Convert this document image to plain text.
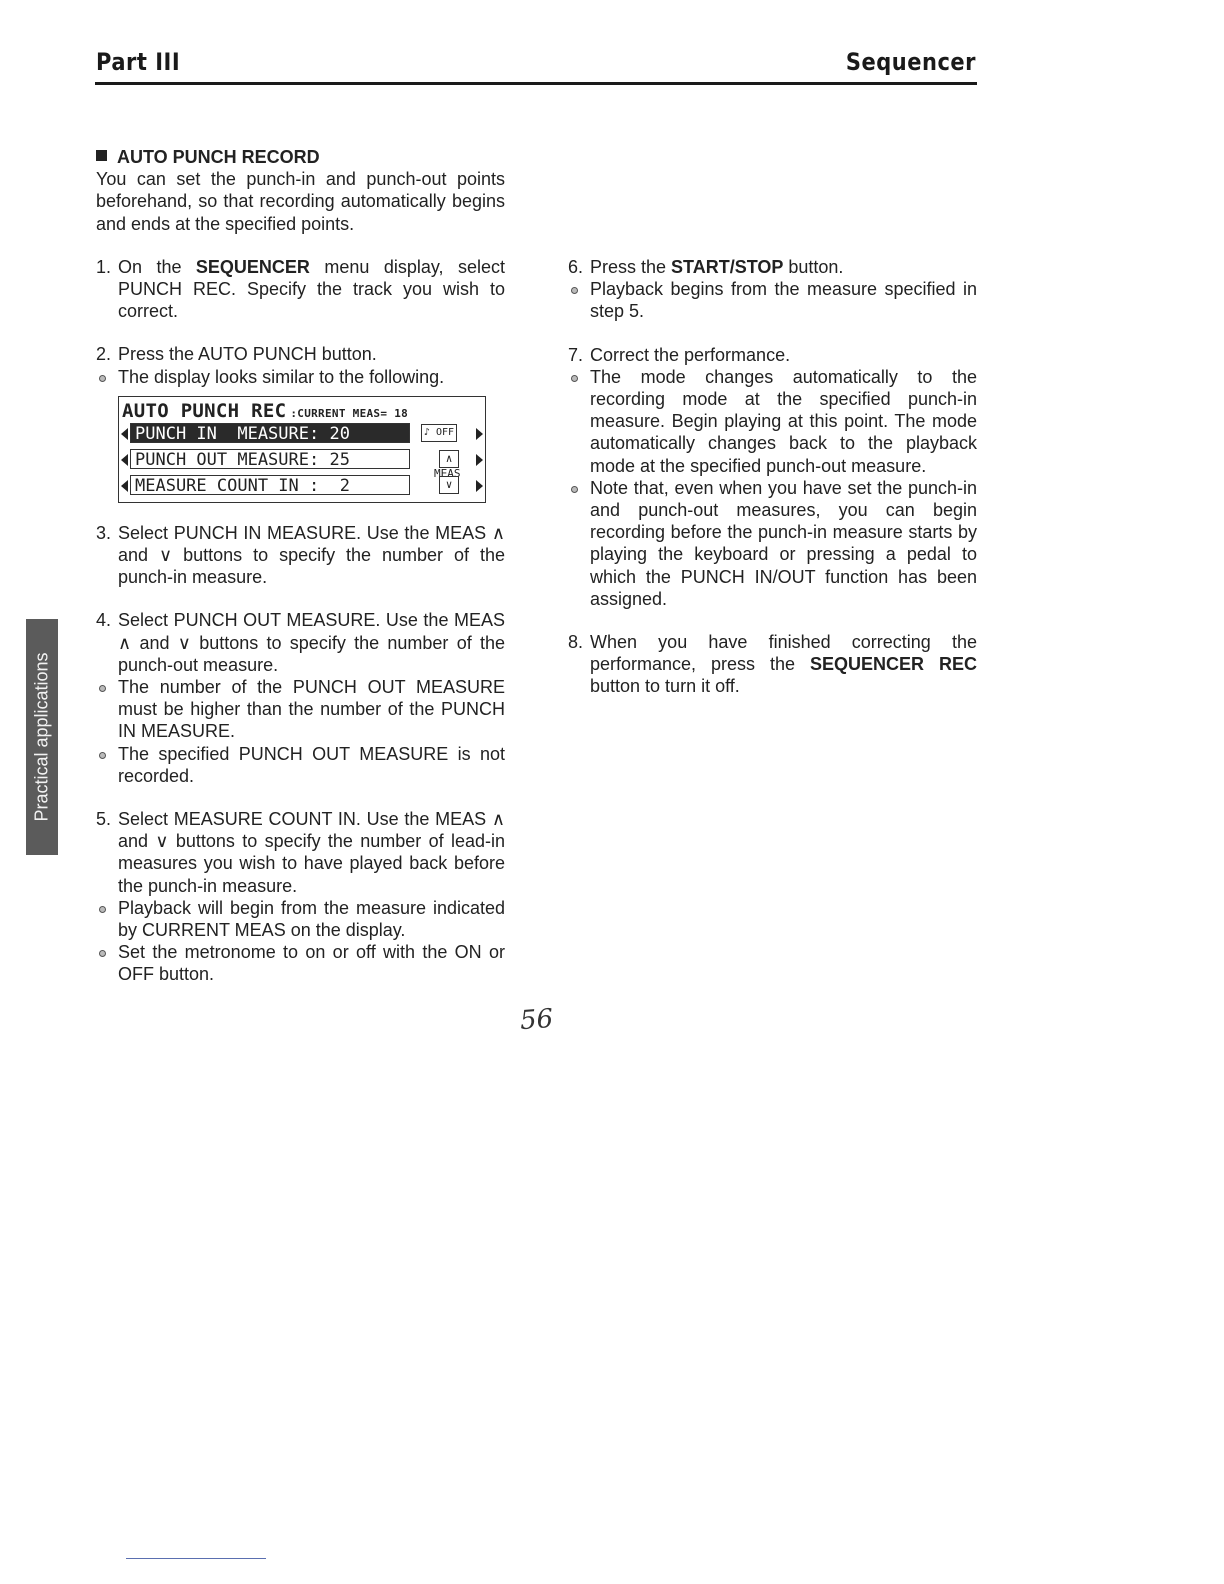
Part III	Sequencer
Practical applications

AUTO PUNCH RECORD

You can set the punch-in and punch-out points beforehand, so that recording automatically begins and ends at the specified points.

1. On the SEQUENCER menu display, select PUNCH REC. Specify the track you wish to correct.
2. Press the AUTO PUNCH button.
The display looks similar to the following.
AUTO PUNCH REC :CURRENT MEAS= 18
PUNCH IN  MEASURE: 20	♪ OFF
PUNCH OUT MEASURE: 25	∧
MEAS
MEASURE COUNT IN :  2	∨
3. Select PUNCH IN MEASURE. Use the MEAS ∧ and ∨ buttons to specify the number of the punch-in measure.
4. Select PUNCH OUT MEASURE. Use the MEAS ∧ and ∨ buttons to specify the number of the punch-out measure.
The number of the PUNCH OUT MEASURE must be higher than the number of the PUNCH IN MEASURE.
The specified PUNCH OUT MEASURE is not recorded.
5. Select MEASURE COUNT IN. Use the MEAS ∧ and ∨ buttons to specify the number of lead-in measures you wish to have played back before the punch-in measure.
Playback will begin from the measure indicated by CURRENT MEAS on the display.
Set the metronome to on or off with the ON or OFF button.
6. Press the START/STOP button.
Playback begins from the measure specified in step 5.
7. Correct the performance.
The mode changes automatically to the recording mode at the specified punch-in measure. Begin playing at this point. The mode automatically changes back to the playback mode at the specified punch-out measure.
Note that, even when you have set the punch-in and punch-out measures, you can begin recording before the punch-in measure starts by playing the keyboard or pressing a pedal to which the PUNCH IN/OUT function has been assigned.
8. When you have finished correcting the performance, press the SEQUENCER REC button to turn it off.
56
